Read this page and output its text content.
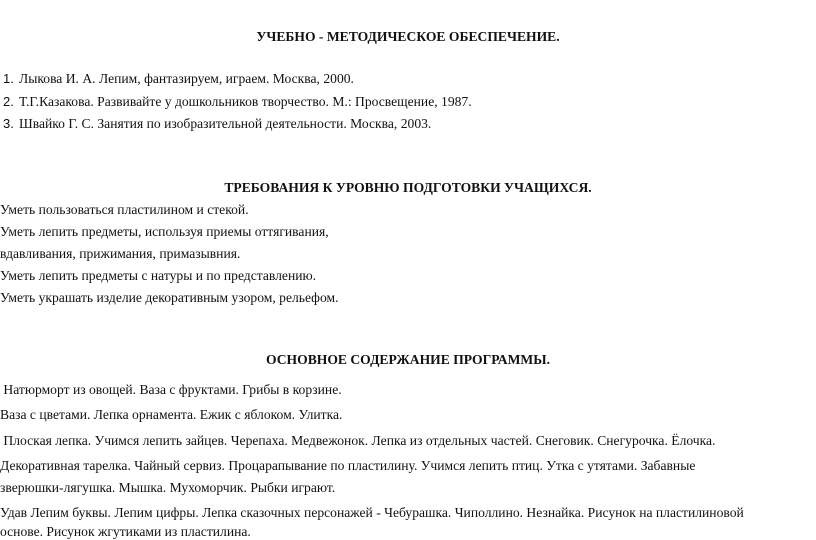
УЧЕБНО - МЕТОДИЧЕСКОЕ ОБЕСПЕЧЕНИЕ.
1. Лыкова И. А. Лепим, фантазируем, играем. Москва, 2000.
2. Т.Г.Казакова. Развивайте у дошкольников творчество. М.: Просвещение, 1987.
3. Швайко Г. С. Занятия по изобразительной деятельности. Москва, 2003.
ТРЕБОВАНИЯ К УРОВНЮ ПОДГОТОВКИ УЧАЩИХСЯ.
Уметь пользоваться пластилином и стекой.
Уметь лепить предметы, используя приемы оттягивания,
вдавливания, прижимания, примазывния.
Уметь лепить предметы с натуры и по представлению.
Уметь украшать изделие декоративным узором, рельефом.
ОСНОВНОЕ СОДЕРЖАНИЕ ПРОГРАММЫ.
Натюрморт из овощей. Ваза с фруктами. Грибы в корзине.
Ваза с цветами. Лепка орнамента. Ежик с яблоком. Улитка.
Плоская лепка. Учимся лепить зайцев. Черепаха. Медвежонок. Лепка из отдельных частей. Снеговик. Снегурочка. Ёлочка.
Декоративная тарелка. Чайный сервиз. Процарапывание по пластилину. Учимся лепить птиц. Утка с утятами. Забавные
зверюшки-лягушка. Мышка. Мухоморчик. Рыбки играют.
Удав Лепим буквы. Лепим цифры. Лепка сказочных персонажей - Чебурашка. Чиполлино. Незнайка. Рисунок на пластилиновой
основе. Рисунок жгутиками из пластилина.
